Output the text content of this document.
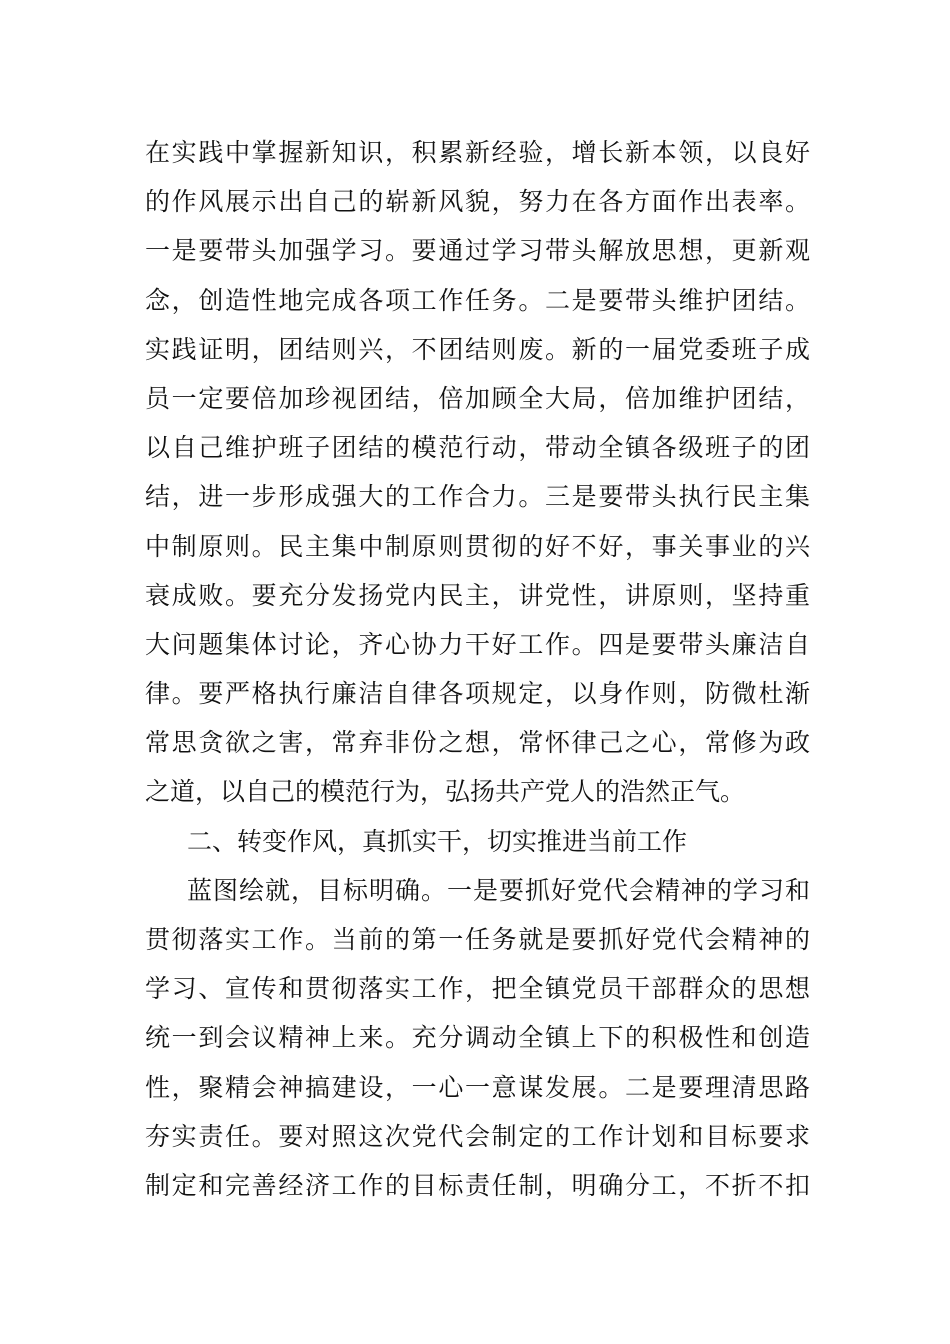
在实践中掌握新知识，积累新经验，增长新本领，以良好
的作风展示出自己的崭新风貌，努力在各方面作出表率。
一是要带头加强学习。要通过学习带头解放思想，更新观
念，创造性地完成各项工作任务。二是要带头维护团结。
实践证明，团结则兴，不团结则废。新的一届党委班子成
员一定要倍加珍视团结，倍加顾全大局，倍加维护团结，
以自己维护班子团结的模范行动，带动全镇各级班子的团
结，进一步形成强大的工作合力。三是要带头执行民主集
中制原则。民主集中制原则贯彻的好不好，事关事业的兴
衰成败。要充分发扬党内民主，讲党性，讲原则，坚持重
大问题集体讨论，齐心协力干好工作。四是要带头廉洁自
律。要严格执行廉洁自律各项规定，以身作则，防微杜渐
常思贪欲之害，常弃非份之想，常怀律己之心，常修为政
之道，以自己的模范行为，弘扬共产党人的浩然正气。
二、转变作风，真抓实干，切实推进当前工作
蓝图绘就，目标明确。一是要抓好党代会精神的学习和
贯彻落实工作。当前的第一任务就是要抓好党代会精神的
学习、宣传和贯彻落实工作，把全镇党员干部群众的思想
统一到会议精神上来。充分调动全镇上下的积极性和创造
性，聚精会神搞建设，一心一意谋发展。二是要理清思路
夯实责任。要对照这次党代会制定的工作计划和目标要求
制定和完善经济工作的目标责任制，明确分工，不折不扣
